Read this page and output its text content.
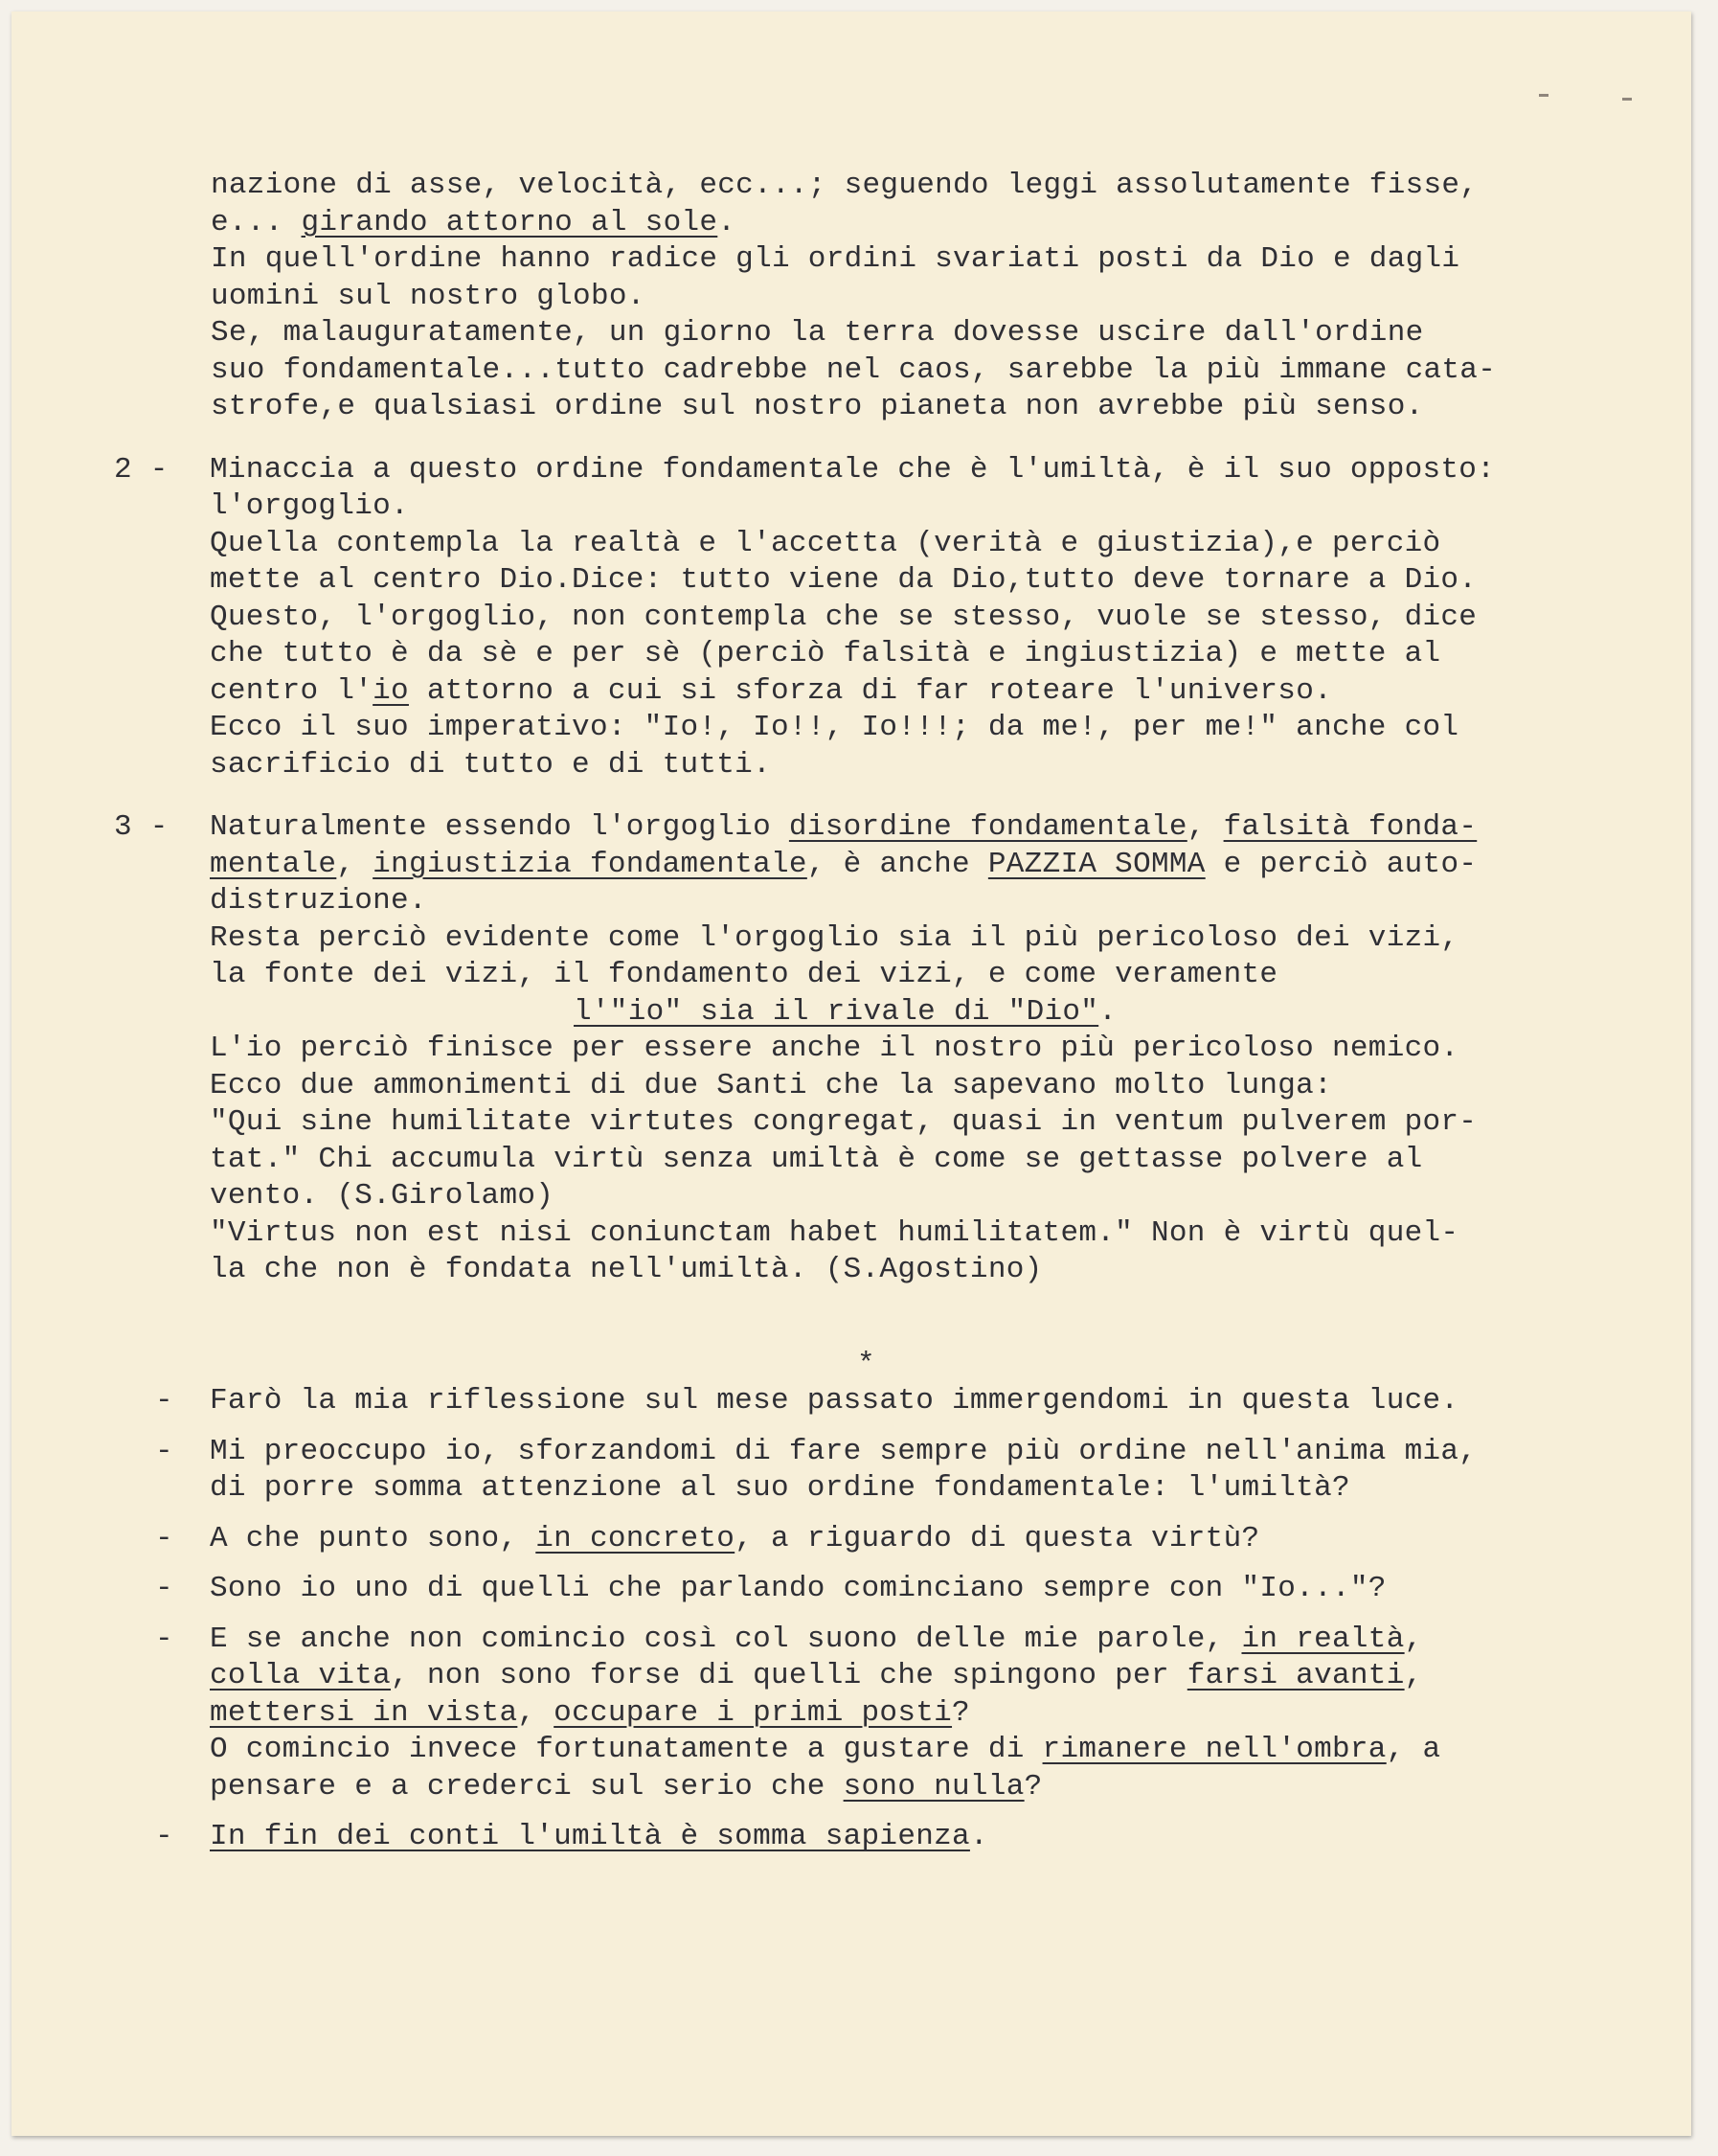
nazione di asse, velocità, ecc...; seguendo leggi assolutamente fisse,
e... girando attorno al sole.
In quell'ordine hanno radice gli ordini svariati posti da Dio e dagli
uomini sul nostro globo.
Se, malauguratamente, un giorno la terra dovesse uscire dall'ordine
suo fondamentale...tutto cadrebbe nel caos, sarebbe la più immane cata-
strofe,e qualsiasi ordine sul nostro pianeta non avrebbe più senso.
2 - Minaccia a questo ordine fondamentale che è l'umiltà, è il suo opposto:
l'orgoglio.
Quella contempla la realtà e l'accetta (verità e giustizia),e perciò
mette al centro Dio.Dice: tutto viene da Dio,tutto deve tornare a Dio.
Questo, l'orgoglio, non contempla che se stesso, vuole se stesso, dice
che tutto è da sè e per sè (perciò falsità e ingiustizia) e mette al
centro l'io attorno a cui si sforza di far roteare l'universo.
Ecco il suo imperativo: "Io!, Io!!, Io!!!; da me!, per me!" anche col
sacrificio di tutto e di tutti.
3 - Naturalmente essendo l'orgoglio disordine fondamentale, falsità fonda-
mentale, ingiustizia fondamentale, è anche PAZZIA SOMMA e perciò auto-
distruzione.
Resta perciò evidente come l'orgoglio sia il più pericoloso dei vizi,
la fonte dei vizi, il fondamento dei vizi, e come veramente
l'"io" sia il rivale di "Dio".
L'io perciò finisce per essere anche il nostro più pericoloso nemico.
Ecco due ammonimenti di due Santi che la sapevano molto lunga:
"Qui sine humilitate virtutes congregat, quasi in ventum pulverem por-
tat." Chi accumula virtù senza umiltà è come se gettasse polvere al
vento. (S.Girolamo)
"Virtus non est nisi coniunctam habet humilitatem." Non è virtù quel-
la che non è fondata nell'umiltà. (S.Agostino)
*
- Farò la mia riflessione sul mese passato immergendomi in questa luce.
- Mi preoccupo io, sforzandomi di fare sempre più ordine nell'anima mia,
di porre somma attenzione al suo ordine fondamentale: l'umiltà?
- A che punto sono, in concreto, a riguardo di questa virtù?
- Sono io uno di quelli che parlando cominciano sempre con "Io..."?
- E se anche non comincio così col suono delle mie parole, in realtà,
colla vita, non sono forse di quelli che spingono per farsi avanti,
mettersi in vista, occupare i primi posti?
O comincio invece fortunatamente a gustare di rimanere nell'ombra, a
pensare e a crederci sul serio che sono nulla?
- In fin dei conti l'umiltà è somma sapienza.
